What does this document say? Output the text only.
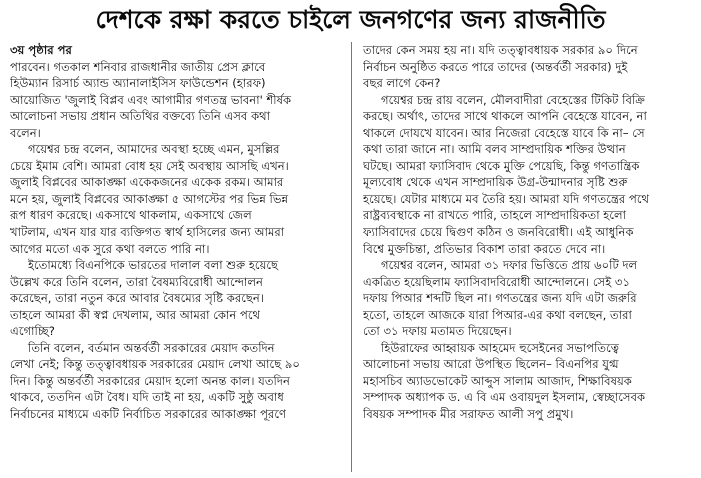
দেশকে রক্ষা করতে চাইলে জনগণের জন্য রাজনীতি
৩য় পৃষ্ঠার পর
পারবেন। গতকাল শনিবার রাজধানীর জাতীয় প্রেস ক্লাবে
হিউম্যান রিসার্চ অ্যান্ড অ্যানালাইসিস ফাউন্ডেশন (হারফ)
আয়োজিত 'জুলাই বিপ্লব এবং আগামীর গণতন্ত্র ভাবনা' শীর্ষক
আলোচনা সভায় প্রধান অতিথির বক্তব্যে তিনি এসব কথা
বলেন।
গয়েশ্বর চন্দ্র বলেন, আমাদের অবস্থা হচ্ছে এমন, মুসল্লির
চেয়ে ইমাম বেশি। আমরা বোধ হয় সেই অবস্থায় আসছি এখন।
জুলাই বিপ্লবের আকাঙ্ক্ষা একেকজনের একেক রকম। আমার
মনে হয়, জুলাই বিপ্লবের আকাঙ্ক্ষা ৫ আগস্টের পর ভিন্ন ভিন্ন
রূপ ধারণ করেছে। একসাথে থাকলাম, একসাথে জেল
খাটলাম, এখন যার যার ব্যক্তিগত স্বার্থ হাসিলের জন্য আমরা
আগের মতো এক সুরে কথা বলতে পারি না।
ইতোমধ্যে বিএনপিকে ভারতের দালাল বলা শুরু হয়েছে
উল্লেখ করে তিনি বলেন, তারা বৈষম্যবিরোধী আন্দোলন
করেছেন, তারা নতুন করে আবার বৈষম্যের সৃষ্টি করছেন।
তাহলে আমরা কী স্বপ্ন দেখলাম, আর আমরা কোন পথে
এগোচ্ছি?
তিনি বলেন, বর্তমান অন্তর্বর্তী সরকারের মেয়াদ কতদিন
লেখা নেই; কিন্তু তত্ত্বাবধায়ক সরকারের মেয়াদ লেখা আছে ৯০
দিন। কিন্তু অন্তর্বর্তী সরকারের মেয়াদ হলো অনন্ত কাল। যতদিন
থাকবে, ততদিন এটা বৈধ। যদি তাই না হয়, একটি সুষ্ঠু অবাধ
নির্বাচনের মাধ্যমে একটি নির্বাচিত সরকারের আকাঙ্ক্ষা পূরণে
তাদের কেন সময় হয় না। যদি তত্ত্বাবধায়ক সরকার ৯০ দিনে
নির্বাচন অনুষ্ঠিত করতে পারে তাদের (অন্তর্বর্তী সরকার) দুই
বছর লাগে কেন?
গয়েশ্বর চন্দ্র রায় বলেন, মৌলবাদীরা বেহেস্তের টিকিট বিক্রি
করছে। অর্থাৎ, তাদের সাথে থাকলে আপনি বেহেস্তে যাবেন, না
থাকলে দোযখে যাবেন। আর নিজেরা বেহেস্তে যাবে কি না– সে
কথা তারা জানে না। আমি বলব সাম্প্রদায়িক শক্তির উত্থান
ঘটছে। আমরা ফ্যাসিবাদ থেকে মুক্তি পেয়েছি, কিন্তু গণতান্ত্রিক
মূল্যবোধ থেকে এখন সাম্প্রদায়িক উগ্র-উন্মাদনার সৃষ্টি শুরু
হয়েছে। যেটার মাধ্যমে মব তৈরি হয়। আমরা যদি গণতন্ত্রের পথে
রাষ্ট্রব্যবস্থাকে না রাখতে পারি, তাহলে সাম্প্রদায়িকতা হলো
ফ্যাসিবাদের চেয়ে দ্বিগুণ কঠিন ও জনবিরোধী। এই আধুনিক
বিশ্বে মুক্তচিন্তা, প্রতিভার বিকাশ তারা করতে দেবে না।
গয়েশ্বর বলেন, আমরা ৩১ দফার ভিত্তিতে প্রায় ৬০টি দল
একত্রিত হয়েছিলাম ফ্যাসিবাদবিরোধী আন্দোলনে। সেই ৩১
দফায় পিআর শব্দটি ছিল না। গণতন্ত্রের জন্য যদি এটা জরুরি
হতো, তাহলে আজকে যারা পিআর-এর কথা বলছেন, তারা
তো ৩১ দফায় মতামত দিয়েছেন।
হিউরাফের আহ্বায়ক আহমেদ হুসেইনের সভাপতিত্বে
আলোচনা সভায় আরো উপস্থিত ছিলেন– বিএনপির যুগ্ম
মহাসচিব অ্যাডভোকেট আব্দুস সালাম আজাদ, শিক্ষাবিষয়ক
সম্পাদক অধ্যাপক ড. এ বি এম ওবায়দুল ইসলাম, স্বেচ্ছাসেবক
বিষয়ক সম্পাদক মীর সরাফত আলী সপু প্রমুখ।
